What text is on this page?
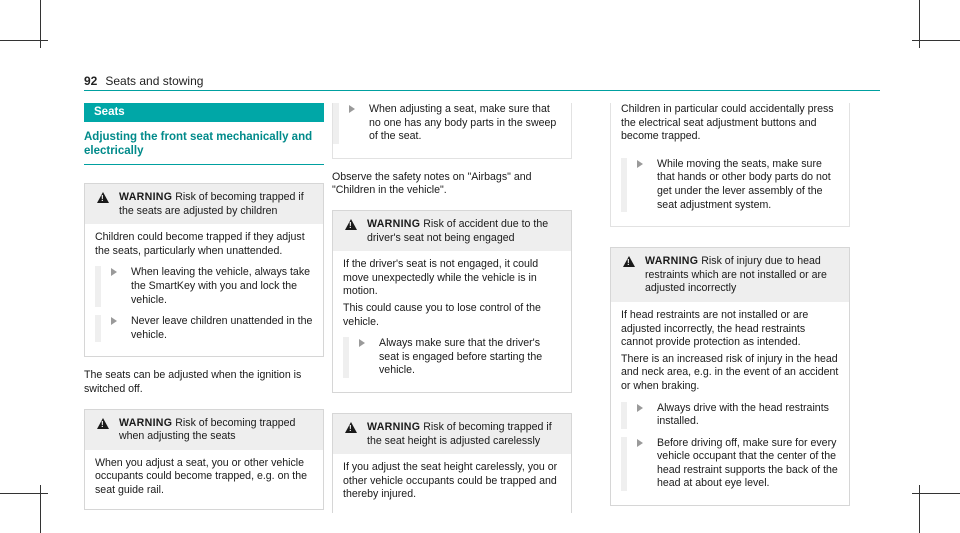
92 Seats and stowing
Seats
Adjusting the front seat mechanically and electrically
!
WARNING Risk of becoming trapped if the seats are adjusted by children

Children could become trapped if they adjust the seats, particularly when unattended.

When leaving the vehicle, always take the SmartKey with you and lock the vehicle.
Never leave children unattended in the vehicle.

The seats can be adjusted when the ignition is switched off.

!
WARNING Risk of becoming trapped when adjusting the seats

When you adjust a seat, you or other vehicle occupants could become trapped, e.g. on the seat guide rail.

When adjusting a seat, make sure that no one has any body parts in the sweep of the seat.

Observe the safety notes on "Airbags" and "Children in the vehicle".

!
WARNING Risk of accident due to the driver's seat not being engaged

If the driver's seat is not engaged, it could move unexpectedly while the vehicle is in motion.

This could cause you to lose control of the vehicle.

Always make sure that the driver's seat is engaged before starting the vehicle.
!
WARNING Risk of becoming trapped if the seat height is adjusted carelessly

If you adjust the seat height carelessly, you or other vehicle occupants could be trapped and thereby injured.

Children in particular could accidentally press the electrical seat adjustment buttons and become trapped.

While moving the seats, make sure that hands or other body parts do not get under the lever assembly of the seat adjustment system.
!
WARNING Risk of injury due to head restraints which are not installed or are adjusted incorrectly

If head restraints are not installed or are adjusted incorrectly, the head restraints cannot provide protection as intended.

There is an increased risk of injury in the head and neck area, e.g. in the event of an accident or when braking.

Always drive with the head restraints installed.
Before driving off, make sure for every vehicle occupant that the center of the head restraint supports the back of the head at about eye level.
